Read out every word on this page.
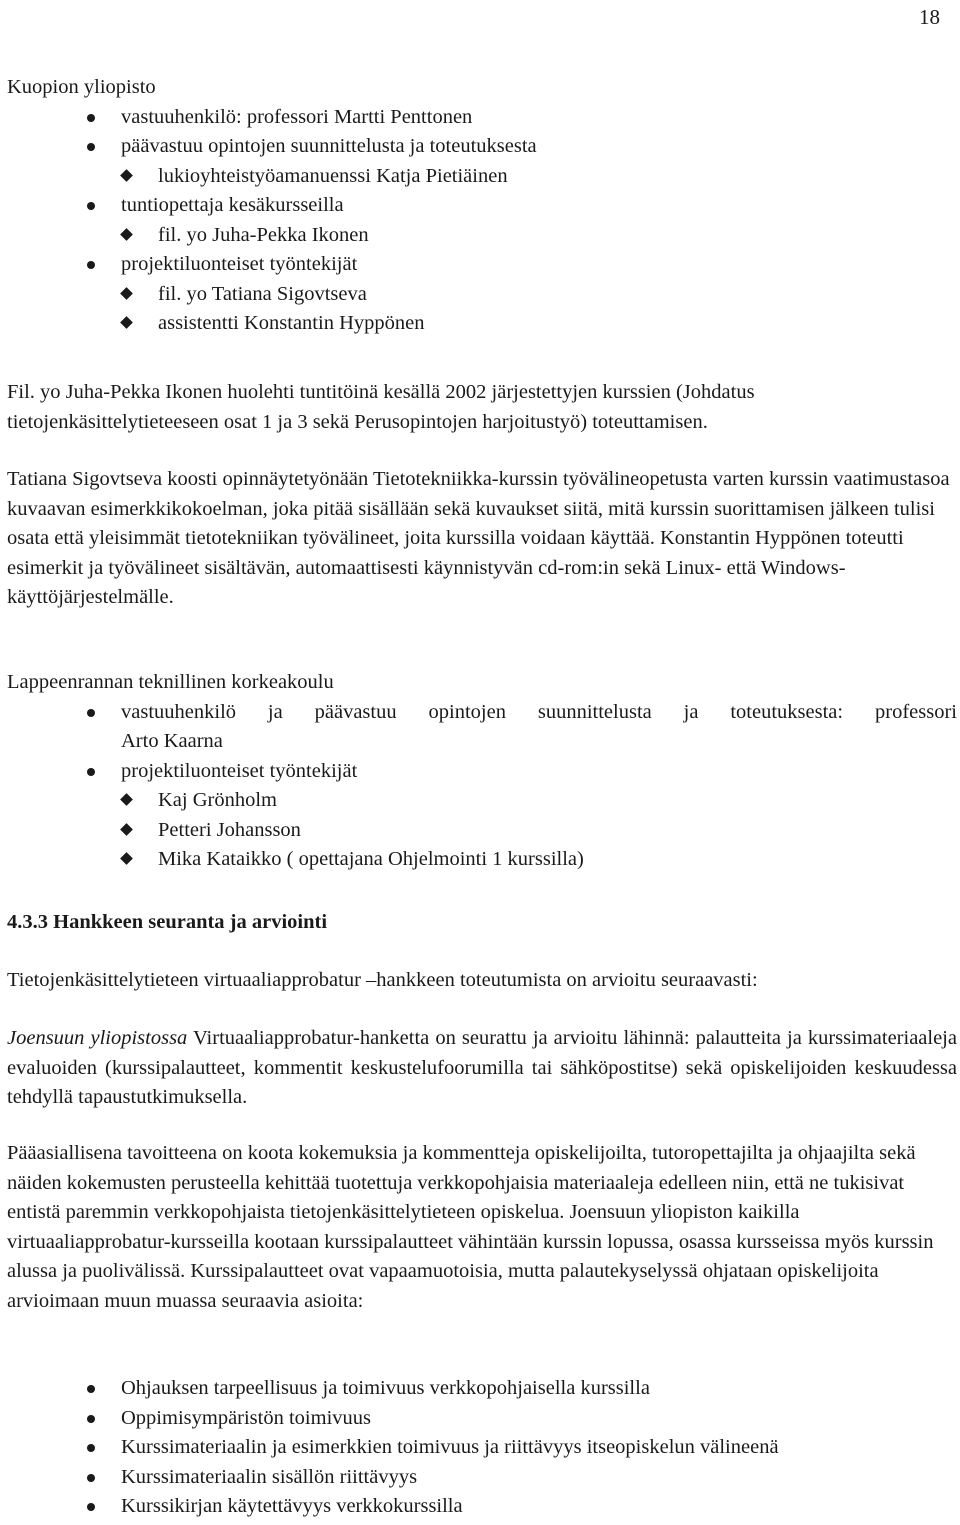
18

Kuopion yliopisto

vastuuhenkilö: professori Martti Penttonen
päävastuu opintojen suunnittelusta ja toteutuksesta
lukioyhteistyöamanuenssi Katja Pietiäinen
tuntiopettaja kesäkursseilla
fil. yo Juha-Pekka Ikonen
projektiluonteiset työntekijät
fil. yo Tatiana Sigovtseva
assistentti Konstantin Hyppönen

Fil. yo Juha-Pekka Ikonen huolehti tuntitöinä kesällä 2002 järjestettyjen kurssien (Johdatus tietojenkäsittelytieteeseen osat 1 ja 3 sekä Perusopintojen harjoitustyö) toteuttamisen.

Tatiana Sigovtseva koosti opinnäytetyönään Tietotekniikka-kurssin työvälineopetusta varten kurssin vaatimustasoa kuvaavan esimerkkikokoelman, joka pitää sisällään sekä kuvaukset siitä, mitä kurssin suorittamisen jälkeen tulisi osata että yleisimmät tietotekniikan työvälineet, joita kurssilla voidaan käyttää. Konstantin Hyppönen toteutti esimerkit ja työvälineet sisältävän, automaattisesti käynnistyvän cd-rom:in sekä Linux- että Windows-käyttöjärjestelmälle.

Lappeenrannan teknillinen korkeakoulu

vastuuhenkilö ja päävastuu opintojen suunnittelusta ja toteutuksesta: professori
Arto Kaarna
projektiluonteiset työntekijät
Kaj Grönholm
Petteri Johansson
Mika Kataikko ( opettajana Ohjelmointi 1 kurssilla)

4.3.3 Hankkeen seuranta ja arviointi

Tietojenkäsittelytieteen virtuaaliapprobatur –hankkeen toteutumista on arvioitu seuraavasti:

Joensuun yliopistossa Virtuaaliapprobatur-hanketta on seurattu ja arvioitu lähinnä: palautteita ja kurssimateriaaleja evaluoiden (kurssipalautteet, kommentit keskustelufoorumilla tai sähköpostitse) sekä opiskelijoiden keskuudessa tehdyllä tapaustutkimuksella.

Pääasiallisena tavoitteena on koota kokemuksia ja kommentteja opiskelijoilta, tutoropettajilta ja ohjaajilta sekä näiden kokemusten perusteella kehittää tuotettuja verkkopohjaisia materiaaleja edelleen niin, että ne tukisivat entistä paremmin verkkopohjaista tietojenkäsittelytieteen opiskelua. Joensuun yliopiston kaikilla virtuaaliapprobatur-kursseilla kootaan kurssipalautteet vähintään kurssin lopussa, osassa kursseissa myös kurssin alussa ja puolivälissä. Kurssipalautteet ovat vapaamuotoisia, mutta palautekyselyssä ohjataan opiskelijoita arvioimaan muun muassa seuraavia asioita:

Ohjauksen tarpeellisuus ja toimivuus verkkopohjaisella kurssilla
Oppimisympäristön toimivuus
Kurssimateriaalin ja esimerkkien toimivuus ja riittävyys itseopiskelun välineenä
Kurssimateriaalin sisällön riittävyys
Kurssikirjan käytettävyys verkkokurssilla
